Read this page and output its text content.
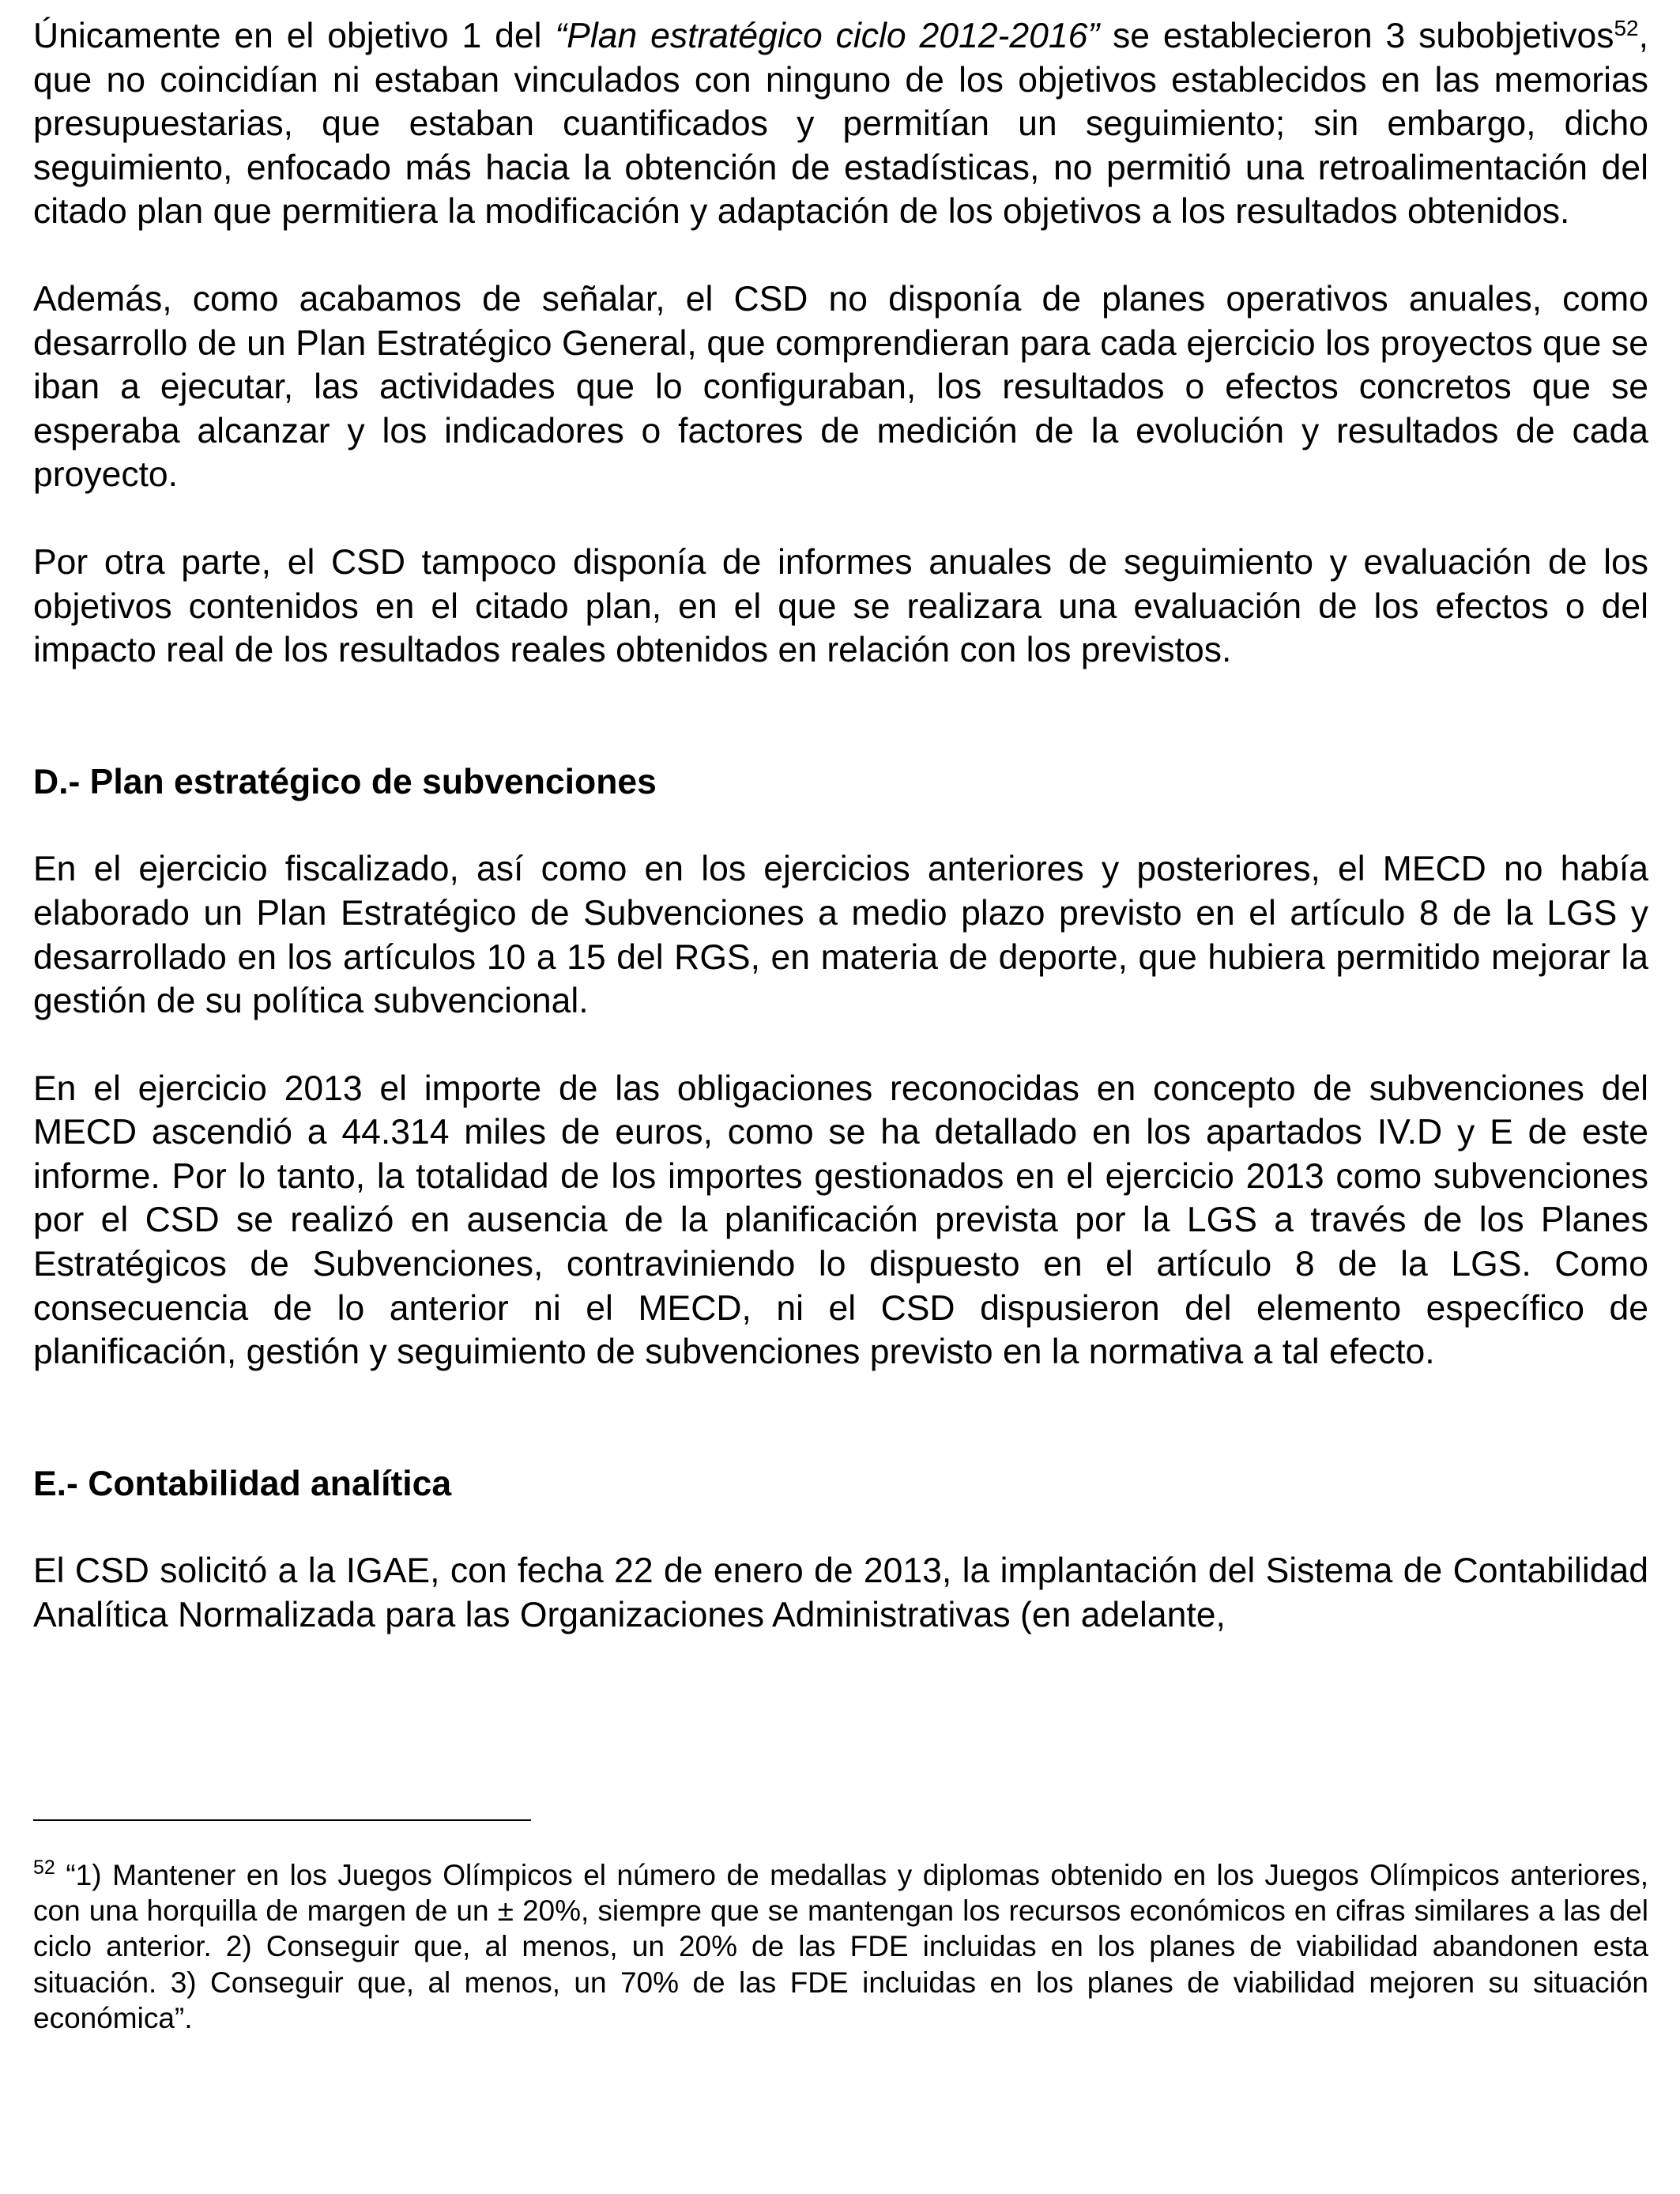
Únicamente en el objetivo 1 del “Plan estratégico ciclo 2012-2016” se establecieron 3 subobjetivos$^{52}$, que no coincidían ni estaban vinculados con ninguno de los objetivos establecidos en las memorias presupuestarias, que estaban cuantificados y permitían un seguimiento; sin embargo, dicho seguimiento, enfocado más hacia la obtención de estadísticas, no permitió una retroalimentación del citado plan que permitiera la modificación y adaptación de los objetivos a los resultados obtenidos.

Además, como acabamos de señalar, el CSD no disponía de planes operativos anuales, como desarrollo de un Plan Estratégico General, que comprendieran para cada ejercicio los proyectos que se iban a ejecutar, las actividades que lo configuraban, los resultados o efectos concretos que se esperaba alcanzar y los indicadores o factores de medición de la evolución y resultados de cada proyecto.

Por otra parte, el CSD tampoco disponía de informes anuales de seguimiento y evaluación de los objetivos contenidos en el citado plan, en el que se realizara una evaluación de los efectos o del impacto real de los resultados reales obtenidos en relación con los previstos.

D.- Plan estratégico de subvenciones

En el ejercicio fiscalizado, así como en los ejercicios anteriores y posteriores, el MECD no había elaborado un Plan Estratégico de Subvenciones a medio plazo previsto en el artículo 8 de la LGS y desarrollado en los artículos 10 a 15 del RGS, en materia de deporte, que hubiera permitido mejorar la gestión de su política subvencional.

En el ejercicio 2013 el importe de las obligaciones reconocidas en concepto de subvenciones del MECD ascendió a 44.314 miles de euros, como se ha detallado en los apartados IV.D y E de este informe. Por lo tanto, la totalidad de los importes gestionados en el ejercicio 2013 como subvenciones por el CSD se realizó en ausencia de la planificación prevista por la LGS a través de los Planes Estratégicos de Subvenciones, contraviniendo lo dispuesto en el artículo 8 de la LGS. Como consecuencia de lo anterior ni el MECD, ni el CSD dispusieron del elemento específico de planificación, gestión y seguimiento de subvenciones previsto en la normativa a tal efecto.

E.- Contabilidad analítica

El CSD solicitó a la IGAE, con fecha 22 de enero de 2013, la implantación del Sistema de Contabilidad Analítica Normalizada para las Organizaciones Administrativas (en adelante,

$^{52}$ “1) Mantener en los Juegos Olímpicos el número de medallas y diplomas obtenido en los Juegos Olímpicos anteriores, con una horquilla de margen de un ± 20%, siempre que se mantengan los recursos económicos en cifras similares a las del ciclo anterior. 2) Conseguir que, al menos, un 20% de las FDE incluidas en los planes de viabilidad abandonen esta situación. 3) Conseguir que, al menos, un 70% de las FDE incluidas en los planes de viabilidad mejoren su situación económica”.
